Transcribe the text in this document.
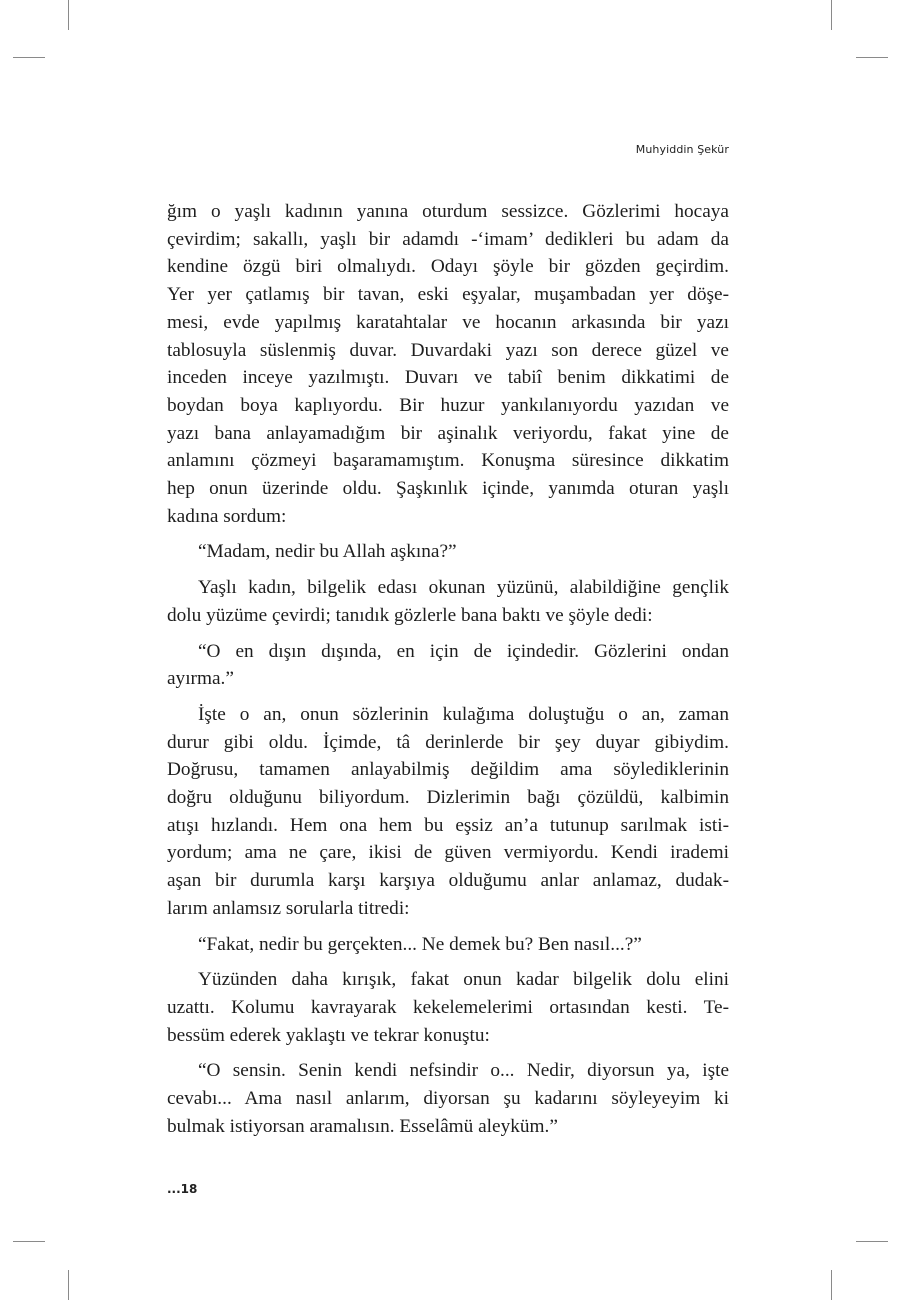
Muhyiddin Şekür
ğım o yaşlı kadının yanına oturdum sessizce. Gözlerimi hocaya
çevirdim; sakallı, yaşlı bir adamdı -‘imam’ dedikleri bu adam da
kendine özgü biri olmalıydı. Odayı şöyle bir gözden geçirdim.
Yer yer çatlamış bir tavan, eski eşyalar, muşambadan yer döşe-
mesi, evde yapılmış karatahtalar ve hocanın arkasında bir yazı
tablosuyla süslenmiş duvar. Duvardaki yazı son derece güzel ve
inceden inceye yazılmıştı. Duvarı ve tabiî benim dikkatimi de
boydan boya kaplıyordu. Bir huzur yankılanıyordu yazıdan ve
yazı bana anlayamadığım bir aşinalık veriyordu, fakat yine de
anlamını çözmeyi başaramamıştım. Konuşma süresince dikkatim
hep onun üzerinde oldu. Şaşkınlık içinde, yanımda oturan yaşlı
kadına sordum:
“Madam, nedir bu Allah aşkına?”
Yaşlı kadın, bilgelik edası okunan yüzünü, alabildiğine gençlik
dolu yüzüme çevirdi; tanıdık gözlerle bana baktı ve şöyle dedi:
“O en dışın dışında, en için de içindedir. Gözlerini ondan
ayırma.”
İşte o an, onun sözlerinin kulağıma doluştuğu o an, zaman
durur gibi oldu. İçimde, tâ derinlerde bir şey duyar gibiydim.
Doğrusu, tamamen anlayabilmiş değildim ama söylediklerinin
doğru olduğunu biliyordum. Dizlerimin bağı çözüldü, kalbimin
atışı hızlandı. Hem ona hem bu eşsiz an’a tutunup sarılmak isti-
yordum; ama ne çare, ikisi de güven vermiyordu. Kendi irademi
aşan bir durumla karşı karşıya olduğumu anlar anlamaz, dudak-
larım anlamsız sorularla titredi:
“Fakat, nedir bu gerçekten... Ne demek bu? Ben nasıl...?”
Yüzünden daha kırışık, fakat onun kadar bilgelik dolu elini
uzattı. Kolumu kavrayarak kekelemelerimi ortasından kesti. Te-
bessüm ederek yaklaştı ve tekrar konuştu:
“O sensin. Senin kendi nefsindir o... Nedir, diyorsun ya, işte
cevabı... Ama nasıl anlarım, diyorsan şu kadarını söyleyeyim ki
bulmak istiyorsan aramalısın. Esselâmü aleyküm.”
...18
